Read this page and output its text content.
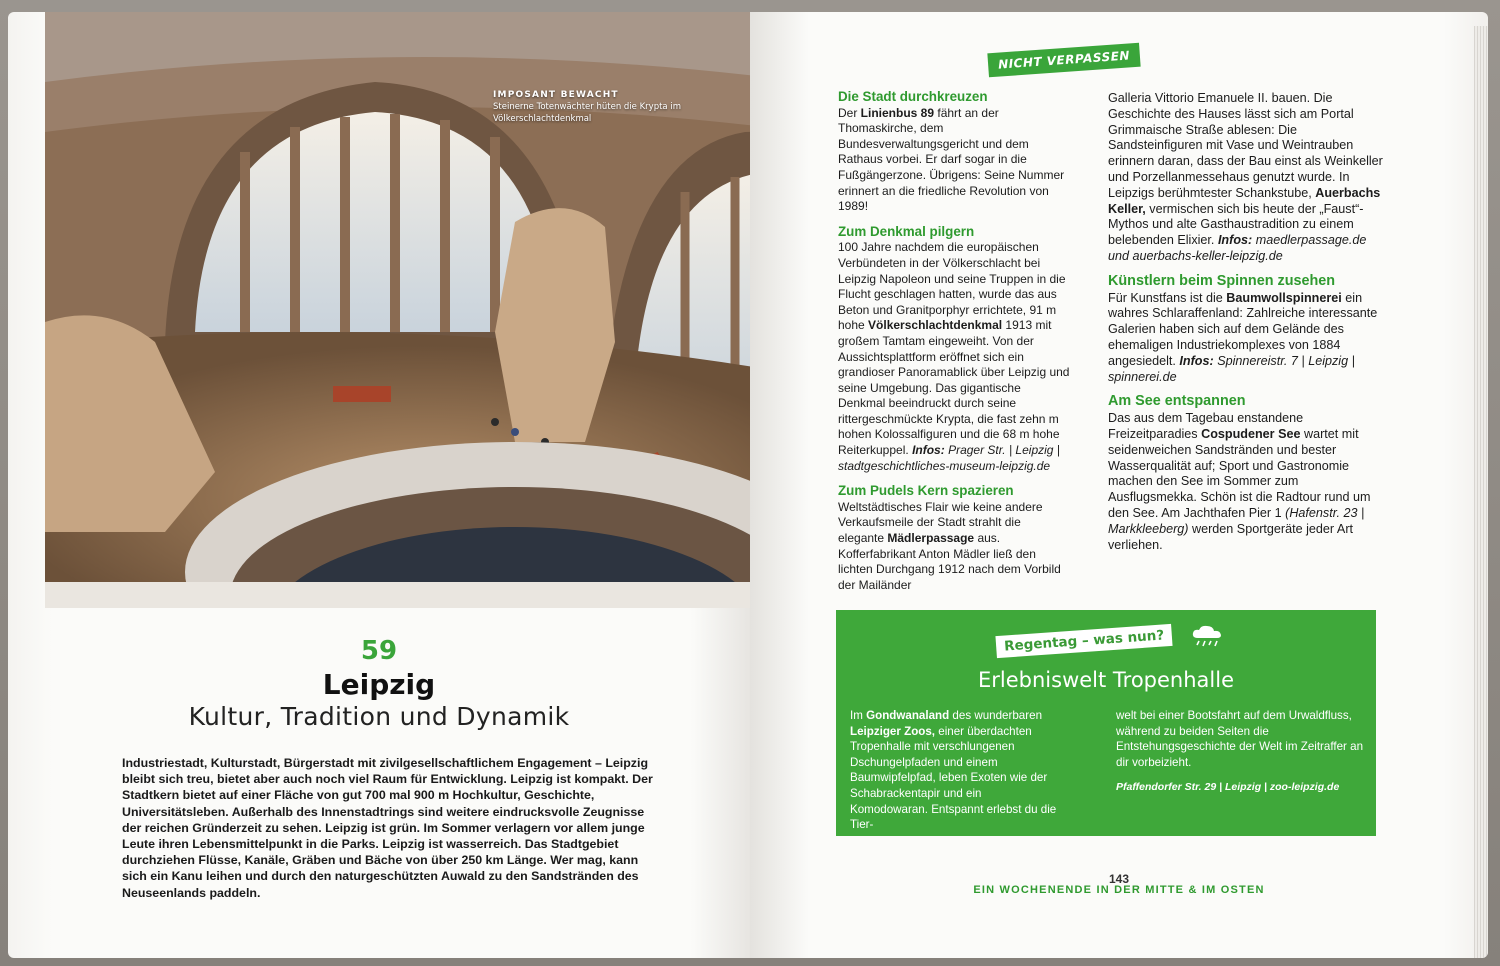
IMPOSANT BEWACHT
Steinerne Totenwächter hüten die Krypta im Völkerschlachtdenkmal
59
Leipzig
Kultur, Tradition und Dynamik

Industriestadt, Kulturstadt, Bürgerstadt mit zivilgesellschaftlichem Engagement – Leipzig bleibt sich treu, bietet aber auch noch viel Raum für Entwicklung. Leipzig ist kompakt. Der Stadtkern bietet auf einer Fläche von gut 700 mal 900 m Hochkultur, Geschichte, Universitätsleben. Außerhalb des Innenstadtrings sind weitere eindrucksvolle Zeugnisse der reichen Gründerzeit zu sehen. Leipzig ist grün. Im Sommer verlagern vor allem junge Leute ihren Lebensmittelpunkt in die Parks. Leipzig ist wasserreich. Das Stadtgebiet durchziehen Flüsse, Kanäle, Gräben und Bäche von über 250 km Länge. Wer mag, kann sich ein Kanu leihen und durch den naturgeschützten Auwald zu den Sandstränden des Neuseenlands paddeln.

NICHT VERPASSEN
Die Stadt durchkreuzen

Der Linienbus 89 fährt an der Thomaskirche, dem Bundesverwaltungsgericht und dem Rathaus vorbei. Er darf sogar in die Fußgängerzone. Übrigens: Seine Nummer erinnert an die friedliche Revolution von 1989!

Zum Denkmal pilgern

100 Jahre nachdem die europäischen Verbündeten in der Völkerschlacht bei Leipzig Napoleon und seine Truppen in die Flucht geschlagen hatten, wurde das aus Beton und Granitporphyr errichtete, 91 m hohe Völkerschlachtdenkmal 1913 mit großem Tamtam eingeweiht. Von der Aussichtsplattform eröffnet sich ein grandioser Panoramablick über Leipzig und seine Umgebung. Das gigantische Denkmal beeindruckt durch seine rittergeschmückte Krypta, die fast zehn m hohen Kolossalfiguren und die 68 m hohe Reiterkuppel. Infos: Prager Str. | Leipzig | stadtgeschichtliches-museum-leipzig.de

Zum Pudels Kern spazieren

Weltstädtisches Flair wie keine andere Verkaufsmeile der Stadt strahlt die elegante Mädlerpassage aus. Kofferfabrikant Anton Mädler ließ den lichten Durchgang 1912 nach dem Vorbild der Mailänder

Galleria Vittorio Emanuele II. bauen. Die Geschichte des Hauses lässt sich am Portal Grimmaische Straße ablesen: Die Sandsteinfiguren mit Vase und Weintrauben erinnern daran, dass der Bau einst als Weinkeller und Porzellanmessehaus genutzt wurde. In Leipzigs berühmtester Schankstube, Auerbachs Keller, vermischen sich bis heute der „Faust“-Mythos und alte Gasthaustradition zu einem belebenden Elixier. Infos: maedlerpassage.de und auerbachs-keller-leipzig.de

Künstlern beim Spinnen zusehen

Für Kunstfans ist die Baumwollspinnerei ein wahres Schlaraffenland: Zahlreiche interessante Galerien haben sich auf dem Gelände des ehemaligen Industriekomplexes von 1884 angesiedelt. Infos: Spinnereistr. 7 | Leipzig | spinnerei.de

Am See entspannen

Das aus dem Tagebau enstandene Freizeitparadies Cospudener See wartet mit seidenweichen Sandstränden und bester Wasserqualität auf; Sport und Gastronomie machen den See im Sommer zum Ausflugsmekka. Schön ist die Radtour rund um den See. Am Jachthafen Pier 1 (Hafenstr. 23 | Markkleeberg) werden Sportgeräte jeder Art verliehen.

Regentag – was nun?
Erlebniswelt Tropenhalle

Im Gondwanaland des wunderbaren Leipziger Zoos, einer überdachten Tropenhalle mit verschlungenen Dschungelpfaden und einem Baumwipfelpfad, leben Exoten wie der Schabrackentapir und ein Komodowaran. Entspannt erlebst du die Tier-

welt bei einer Bootsfahrt auf dem Urwaldfluss, während zu beiden Seiten die Entstehungsgeschichte der Welt im Zeitraffer an dir vorbeizieht.

Pfaffendorfer Str. 29 | Leipzig | zoo-leipzig.de

143
EIN WOCHENENDE IN DER MITTE & IM OSTEN
